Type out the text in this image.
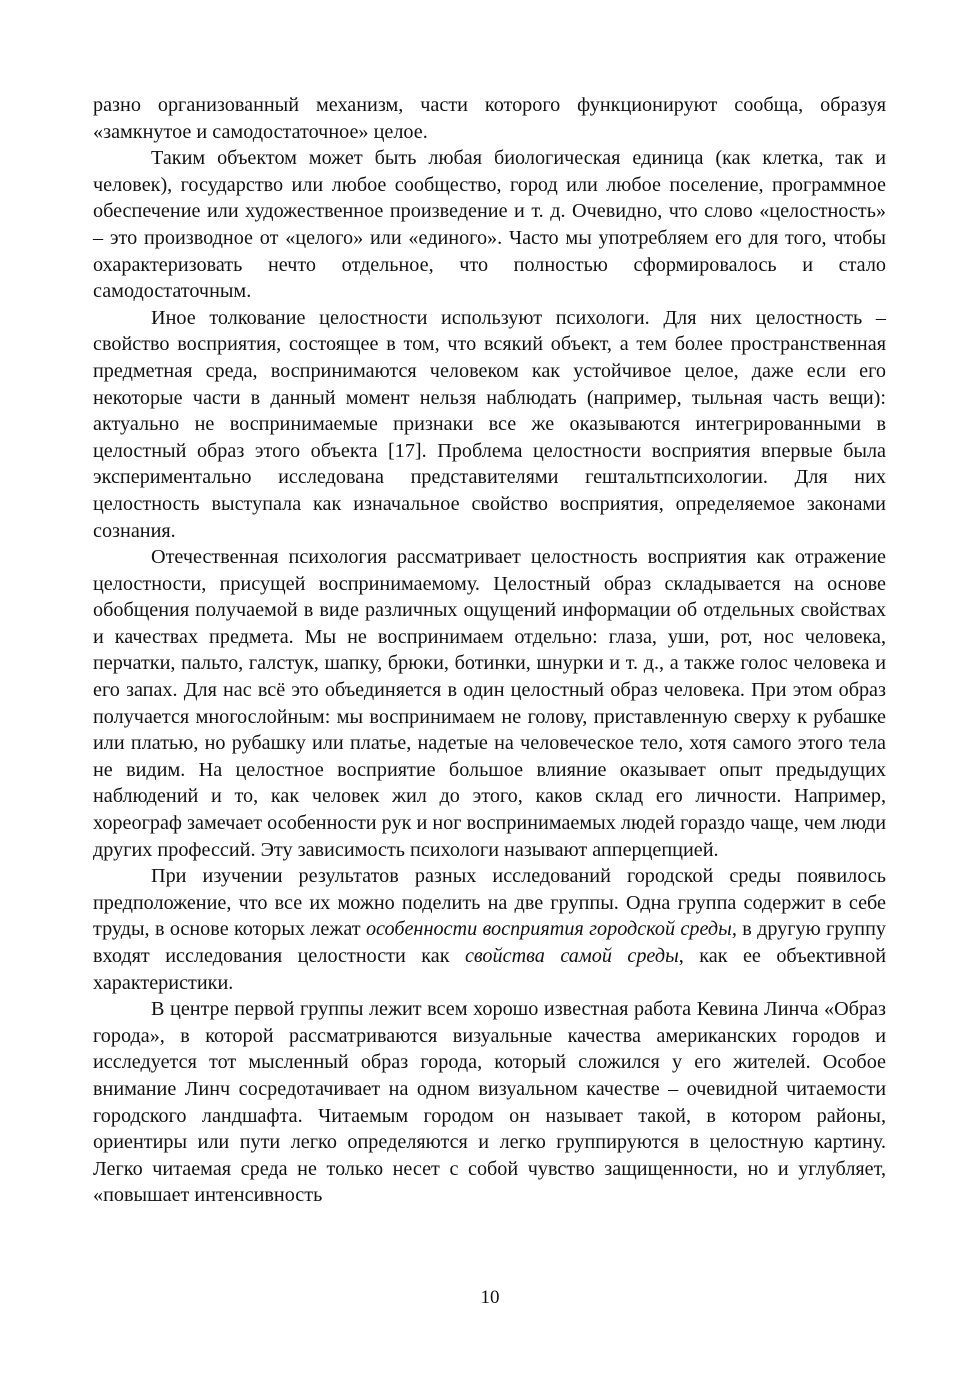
разно организованный механизм, части которого функционируют сообща, образуя «замкнутое и самодостаточное» целое.

Таким объектом может быть любая биологическая единица (как клетка, так и человек), государство или любое сообщество, город или любое поселение, программное обеспечение или художественное произведение и т. д. Очевидно, что слово «целостность» – это производное от «целого» или «единого». Часто мы употребляем его для того, чтобы охарактеризовать нечто отдельное, что полностью сформировалось и стало самодостаточным.

Иное толкование целостности используют психологи. Для них целостность – свойство восприятия, состоящее в том, что всякий объект, а тем более пространственная предметная среда, воспринимаются человеком как устойчивое целое, даже если его некоторые части в данный момент нельзя наблюдать (например, тыльная часть вещи): актуально не воспринимаемые признаки все же оказываются интегрированными в целостный образ этого объекта [17]. Проблема целостности восприятия впервые была экспериментально исследована представителями гештальтпсихологии. Для них целостность выступала как изначальное свойство восприятия, определяемое законами сознания.

Отечественная психология рассматривает целостность восприятия как отражение целостности, присущей воспринимаемому. Целостный образ складывается на основе обобщения получаемой в виде различных ощущений информации об отдельных свойствах и качествах предмета. Мы не воспринимаем отдельно: глаза, уши, рот, нос человека, перчатки, пальто, галстук, шапку, брюки, ботинки, шнурки и т. д., а также голос человека и его запах. Для нас всё это объединяется в один целостный образ человека. При этом образ получается многослойным: мы воспринимаем не голову, приставленную сверху к рубашке или платью, но рубашку или платье, надетые на человеческое тело, хотя самого этого тела не видим. На целостное восприятие большое влияние оказывает опыт предыдущих наблюдений и то, как человек жил до этого, каков склад его личности. Например, хореограф замечает особенности рук и ног воспринимаемых людей гораздо чаще, чем люди других профессий. Эту зависимость психологи называют апперцепцией.

При изучении результатов разных исследований городской среды появилось предположение, что все их можно поделить на две группы. Одна группа содержит в себе труды, в основе которых лежат особенности восприятия городской среды, в другую группу входят исследования целостности как свойства самой среды, как ее объективной характеристики.

В центре первой группы лежит всем хорошо известная работа Кевина Линча «Образ города», в которой рассматриваются визуальные качества американских городов и исследуется тот мысленный образ города, который сложился у его жителей. Особое внимание Линч сосредотачивает на одном визуальном качестве – очевидной читаемости городского ландшафта. Читаемым городом он называет такой, в котором районы, ориентиры или пути легко определяются и легко группируются в целостную картину. Легко читаемая среда не только несет с собой чувство защищенности, но и углубляет, «повышает интенсивность

10
